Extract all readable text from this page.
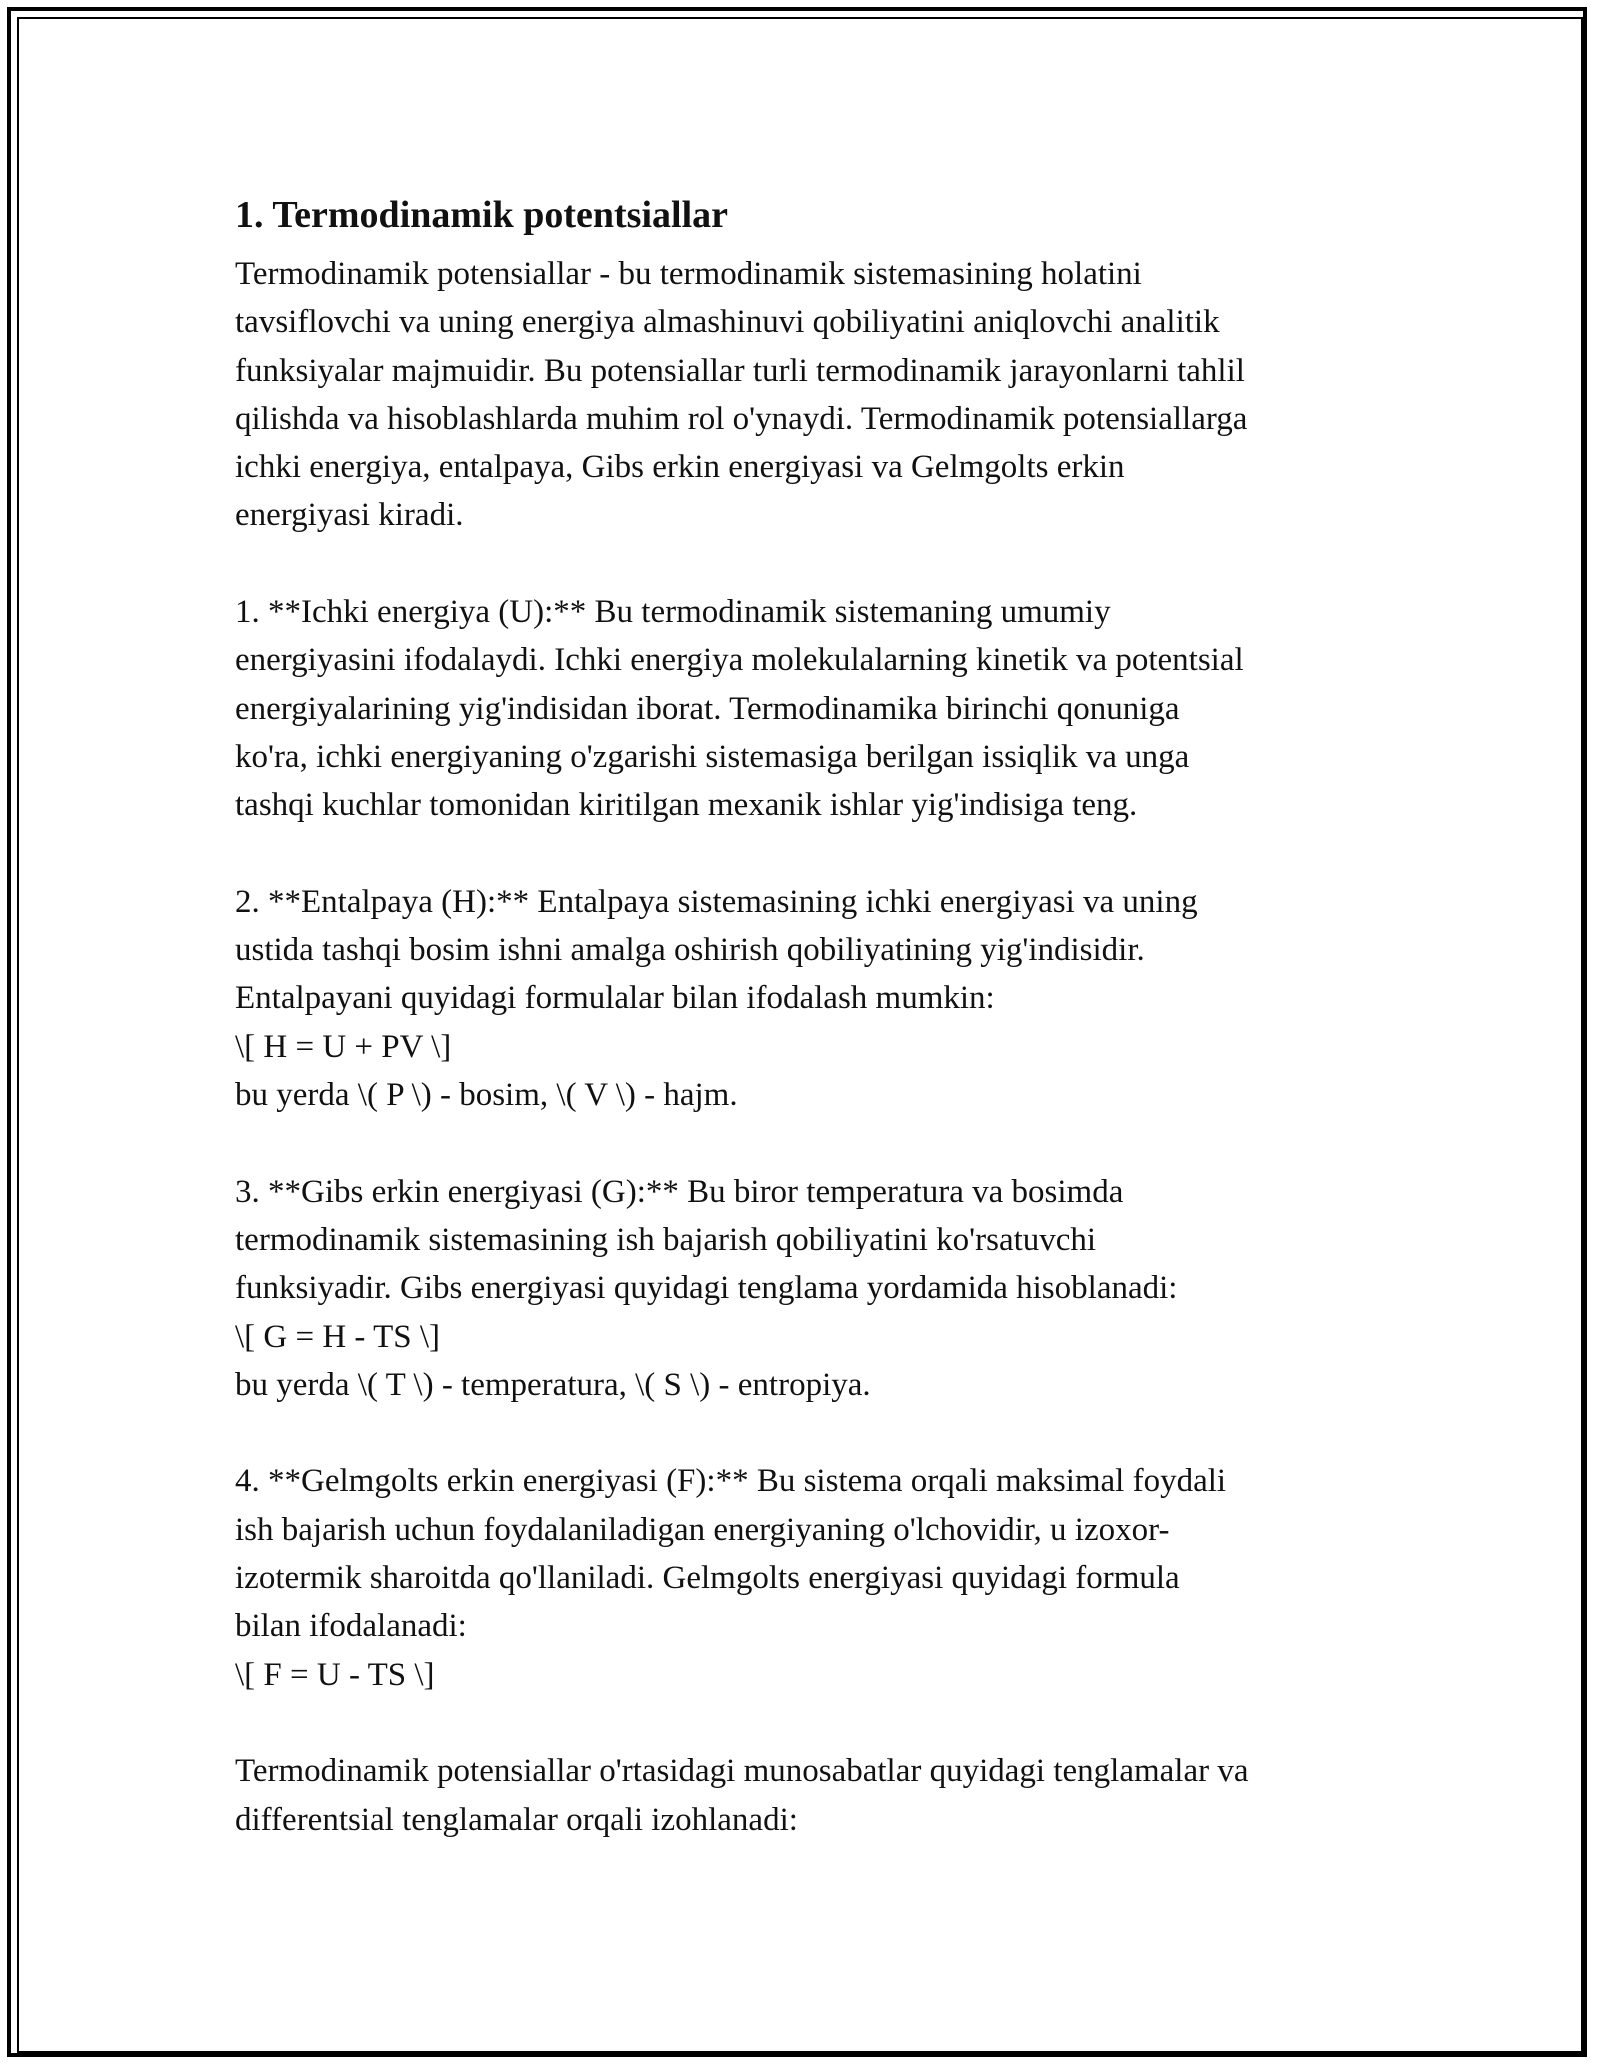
1. Termodinamik potentsiallar
Termodinamik potensiallar - bu termodinamik sistemasining holatini
tavsiflovchi va uning energiya almashinuvi qobiliyatini aniqlovchi analitik
funksiyalar majmuidir. Bu potensiallar turli termodinamik jarayonlarni tahlil
qilishda va hisoblashlarda muhim rol o'ynaydi. Termodinamik potensiallarga
ichki energiya, entalpaya, Gibs erkin energiyasi va Gelmgolts erkin
energiyasi kiradi.
1. **Ichki energiya (U):** Bu termodinamik sistemaning umumiy
energiyasini ifodalaydi. Ichki energiya molekulalarning kinetik va potentsial
energiyalarining yig'indisidan iborat. Termodinamika birinchi qonuniga
ko'ra, ichki energiyaning o'zgarishi sistemasiga berilgan issiqlik va unga
tashqi kuchlar tomonidan kiritilgan mexanik ishlar yig'indisiga teng.
2. **Entalpaya (H):** Entalpaya sistemasining ichki energiyasi va uning
ustida tashqi bosim ishni amalga oshirish qobiliyatining yig'indisidir.
Entalpayani quyidagi formulalar bilan ifodalash mumkin:
\[ H = U + PV \]
bu yerda \( P \) - bosim, \( V \) - hajm.
3. **Gibs erkin energiyasi (G):** Bu biror temperatura va bosimda
termodinamik sistemasining ish bajarish qobiliyatini ko'rsatuvchi
funksiyadir. Gibs energiyasi quyidagi tenglama yordamida hisoblanadi:
\[ G = H - TS \]
bu yerda \( T \) - temperatura, \( S \) - entropiya.
4. **Gelmgolts erkin energiyasi (F):** Bu sistema orqali maksimal foydali
ish bajarish uchun foydalaniladigan energiyaning o'lchovidir, u izoxor-
izotermik sharoitda qo'llaniladi. Gelmgolts energiyasi quyidagi formula
bilan ifodalanadi:
\[ F = U - TS \]
Termodinamik potensiallar o'rtasidagi munosabatlar quyidagi tenglamalar va
differentsial tenglamalar orqali izohlanadi:
